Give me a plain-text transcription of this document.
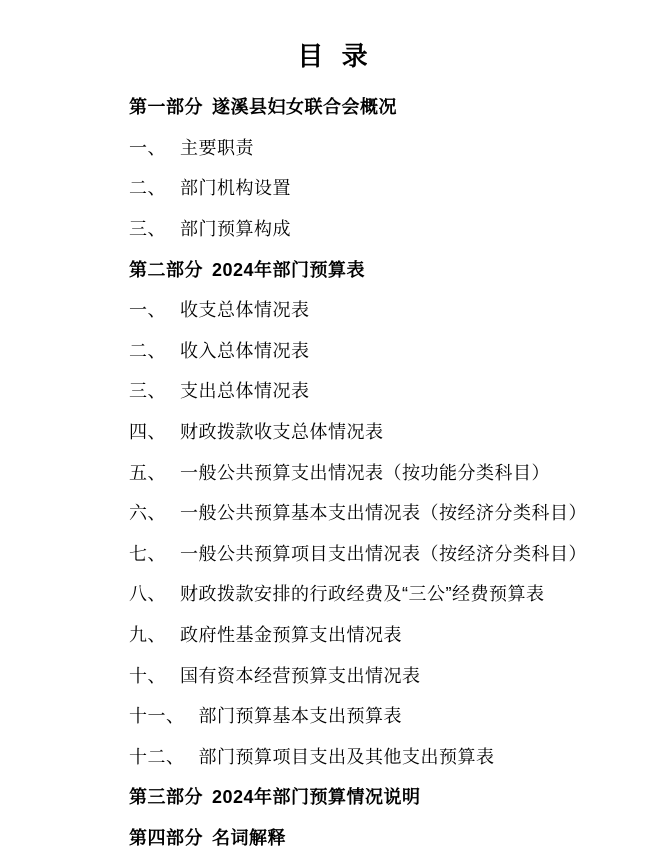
目 录
第一部分 遂溪县妇女联合会概况
一、 主要职责
二、 部门机构设置
三、 部门预算构成
第二部分 2024年部门预算表
一、 收支总体情况表
二、 收入总体情况表
三、 支出总体情况表
四、 财政拨款收支总体情况表
五、 一般公共预算支出情况表（按功能分类科目）
六、 一般公共预算基本支出情况表（按经济分类科目）
七、 一般公共预算项目支出情况表（按经济分类科目）
八、 财政拨款安排的行政经费及“三公”经费预算表
九、 政府性基金预算支出情况表
十、 国有资本经营预算支出情况表
十一、 部门预算基本支出预算表
十二、 部门预算项目支出及其他支出预算表
第三部分 2024年部门预算情况说明
第四部分 名词解释
